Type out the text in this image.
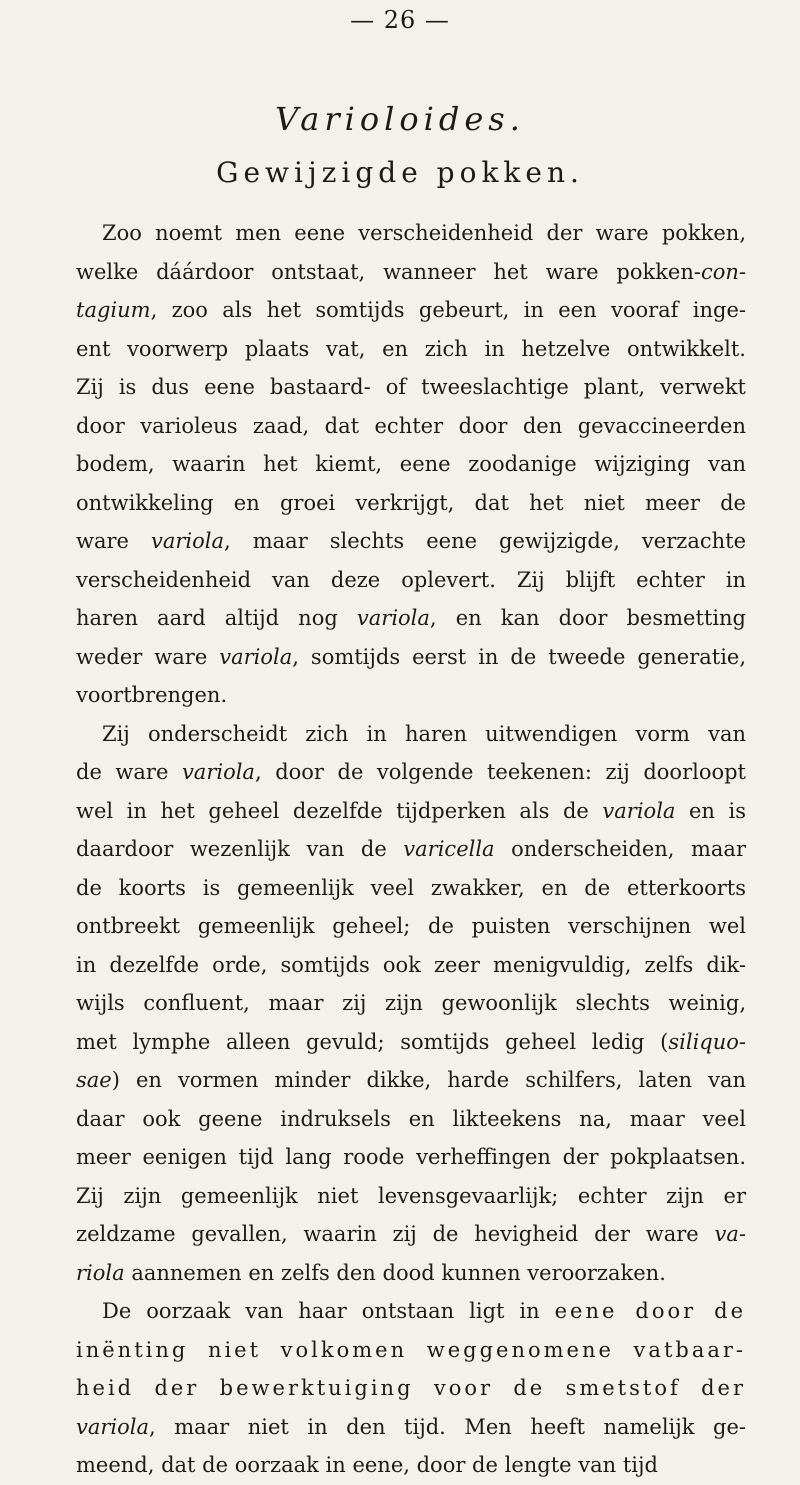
— 26 —
Varioloides.
Gewijzigde pokken.
Zoo noemt men eene verscheidenheid der ware pokken,
welke dáárdoor ontstaat, wanneer het ware pokken-con-
tagium, zoo als het somtijds gebeurt, in een vooraf inge-
ent voorwerp plaats vat, en zich in hetzelve ontwikkelt.
Zij is dus eene bastaard- of tweeslachtige plant, verwekt
door varioleus zaad, dat echter door den gevaccineerden
bodem, waarin het kiemt, eene zoodanige wijziging van
ontwikkeling en groei verkrijgt, dat het niet meer de
ware variola, maar slechts eene gewijzigde, verzachte
verscheidenheid van deze oplevert. Zij blijft echter in
haren aard altijd nog variola, en kan door besmetting
weder ware variola, somtijds eerst in de tweede generatie,
voortbrengen.
Zij onderscheidt zich in haren uitwendigen vorm van
de ware variola, door de volgende teekenen: zij doorloopt
wel in het geheel dezelfde tijdperken als de variola en is
daardoor wezenlijk van de varicella onderscheiden, maar
de koorts is gemeenlijk veel zwakker, en de etterkoorts
ontbreekt gemeenlijk geheel; de puisten verschijnen wel
in dezelfde orde, somtijds ook zeer menigvuldig, zelfs dik-
wijls confluent, maar zij zijn gewoonlijk slechts weinig,
met lymphe alleen gevuld; somtijds geheel ledig (siliquo-
sae) en vormen minder dikke, harde schilfers, laten van
daar ook geene indruksels en likteekens na, maar veel
meer eenigen tijd lang roode verheffingen der pokplaatsen.
Zij zijn gemeenlijk niet levensgevaarlijk; echter zijn er
zeldzame gevallen, waarin zij de hevigheid der ware va-
riola aannemen en zelfs den dood kunnen veroorzaken.
De oorzaak van haar ontstaan ligt in eene door de
inënting niet volkomen weggenomene vatbaar-
heid der bewerktuiging voor de smetstof der
variola, maar niet in den tijd. Men heeft namelijk ge-
meend, dat de oorzaak in eene, door de lengte van tijd
